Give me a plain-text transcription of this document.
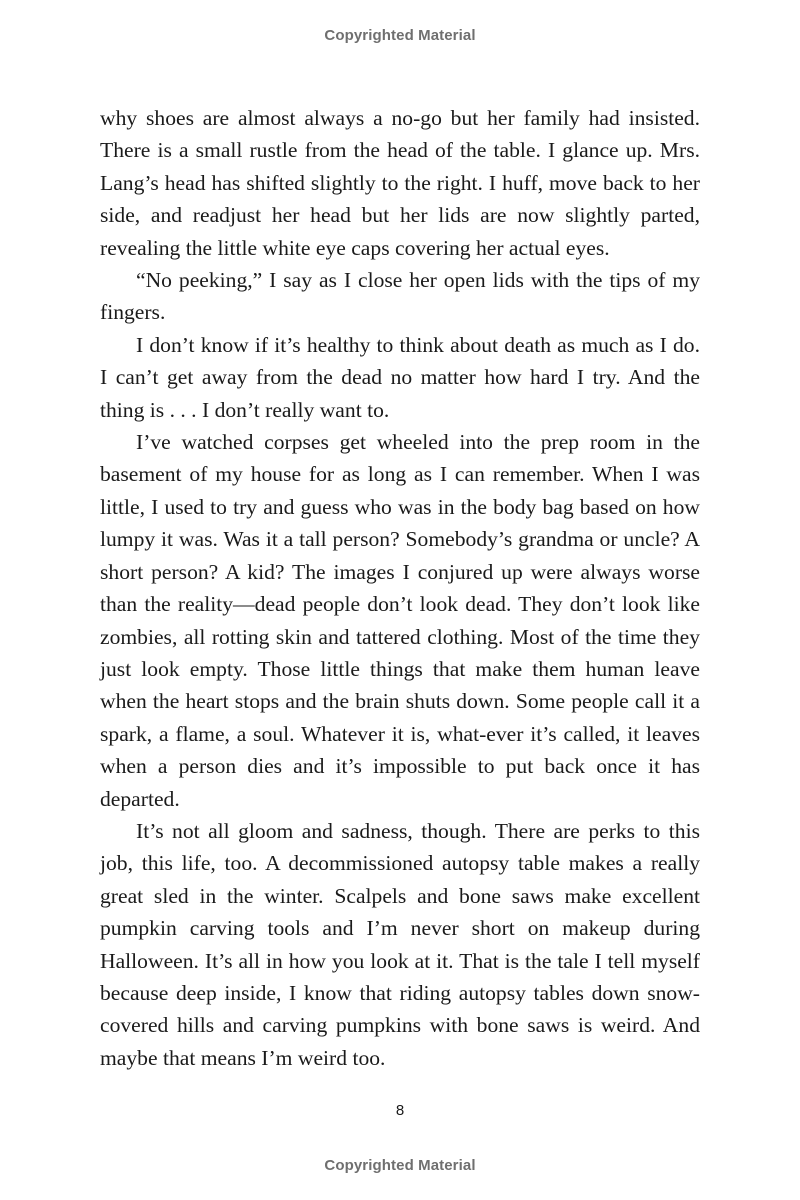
Copyrighted Material

why shoes are almost always a no-go but her family had insisted. There is a small rustle from the head of the table. I glance up. Mrs. Lang’s head has shifted slightly to the right. I huff, move back to her side, and readjust her head but her lids are now slightly parted, revealing the little white eye caps covering her actual eyes.

“No peeking,” I say as I close her open lids with the tips of my fingers.

I don’t know if it’s healthy to think about death as much as I do. I can’t get away from the dead no matter how hard I try. And the thing is . . . I don’t really want to.

I’ve watched corpses get wheeled into the prep room in the basement of my house for as long as I can remember. When I was little, I used to try and guess who was in the body bag based on how lumpy it was. Was it a tall person? Somebody’s grandma or uncle? A short person? A kid? The images I conjured up were always worse than the reality—dead people don’t look dead. They don’t look like zombies, all rotting skin and tattered clothing. Most of the time they just look empty. Those little things that make them human leave when the heart stops and the brain shuts down. Some people call it a spark, a flame, a soul. Whatever it is, what-ever it’s called, it leaves when a person dies and it’s impossible to put back once it has departed.

It’s not all gloom and sadness, though. There are perks to this job, this life, too. A decommissioned autopsy table makes a really great sled in the winter. Scalpels and bone saws make excellent pumpkin carving tools and I’m never short on makeup during Halloween. It’s all in how you look at it. That is the tale I tell myself because deep inside, I know that riding autopsy tables down snow-covered hills and carving pumpkins with bone saws is weird. And maybe that means I’m weird too.

8
Copyrighted Material
